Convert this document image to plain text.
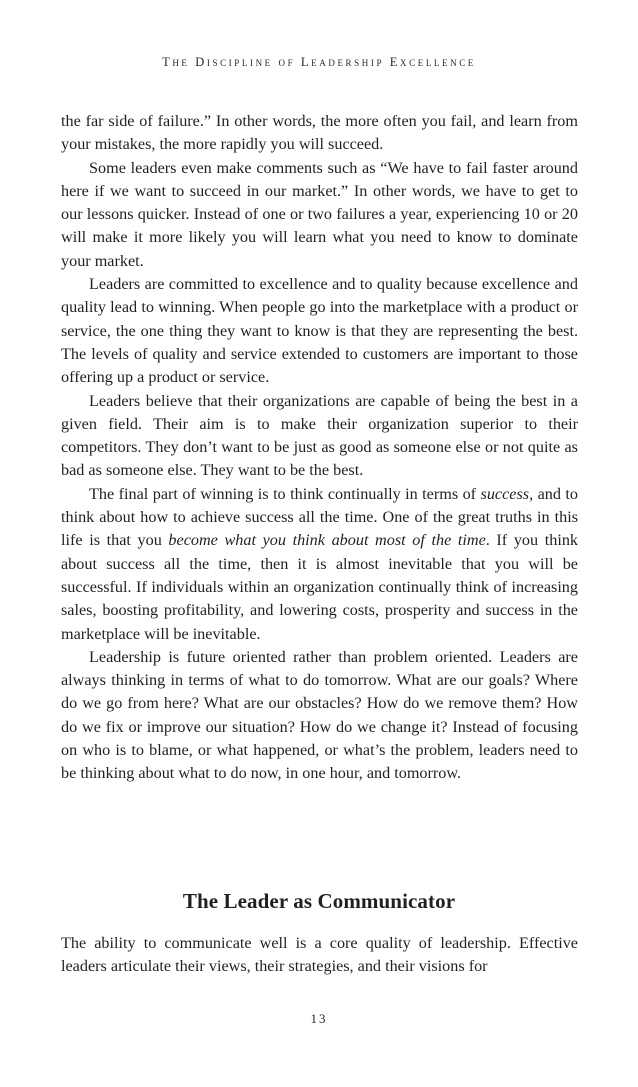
The Discipline of Leadership Excellence

the far side of failure.” In other words, the more often you fail, and learn from your mistakes, the more rapidly you will succeed.

Some leaders even make comments such as “We have to fail faster around here if we want to succeed in our market.” In other words, we have to get to our lessons quicker. Instead of one or two failures a year, experiencing 10 or 20 will make it more likely you will learn what you need to know to dominate your market.

Leaders are committed to excellence and to quality because excellence and quality lead to winning. When people go into the marketplace with a product or service, the one thing they want to know is that they are representing the best. The levels of quality and service extended to customers are important to those offering up a product or service.

Leaders believe that their organizations are capable of being the best in a given field. Their aim is to make their organization superior to their competitors. They don’t want to be just as good as someone else or not quite as bad as someone else. They want to be the best.

The final part of winning is to think continually in terms of success, and to think about how to achieve success all the time. One of the great truths in this life is that you become what you think about most of the time. If you think about success all the time, then it is almost inevitable that you will be successful. If individuals within an organization continually think of increasing sales, boosting profitability, and lowering costs, prosperity and success in the marketplace will be inevitable.

Leadership is future oriented rather than problem oriented. Leaders are always thinking in terms of what to do tomorrow. What are our goals? Where do we go from here? What are our obstacles? How do we remove them? How do we fix or improve our situation? How do we change it? Instead of focusing on who is to blame, or what happened, or what’s the problem, leaders need to be thinking about what to do now, in one hour, and tomorrow.

The Leader as Communicator

The ability to communicate well is a core quality of leadership. Effective leaders articulate their views, their strategies, and their visions for

13
